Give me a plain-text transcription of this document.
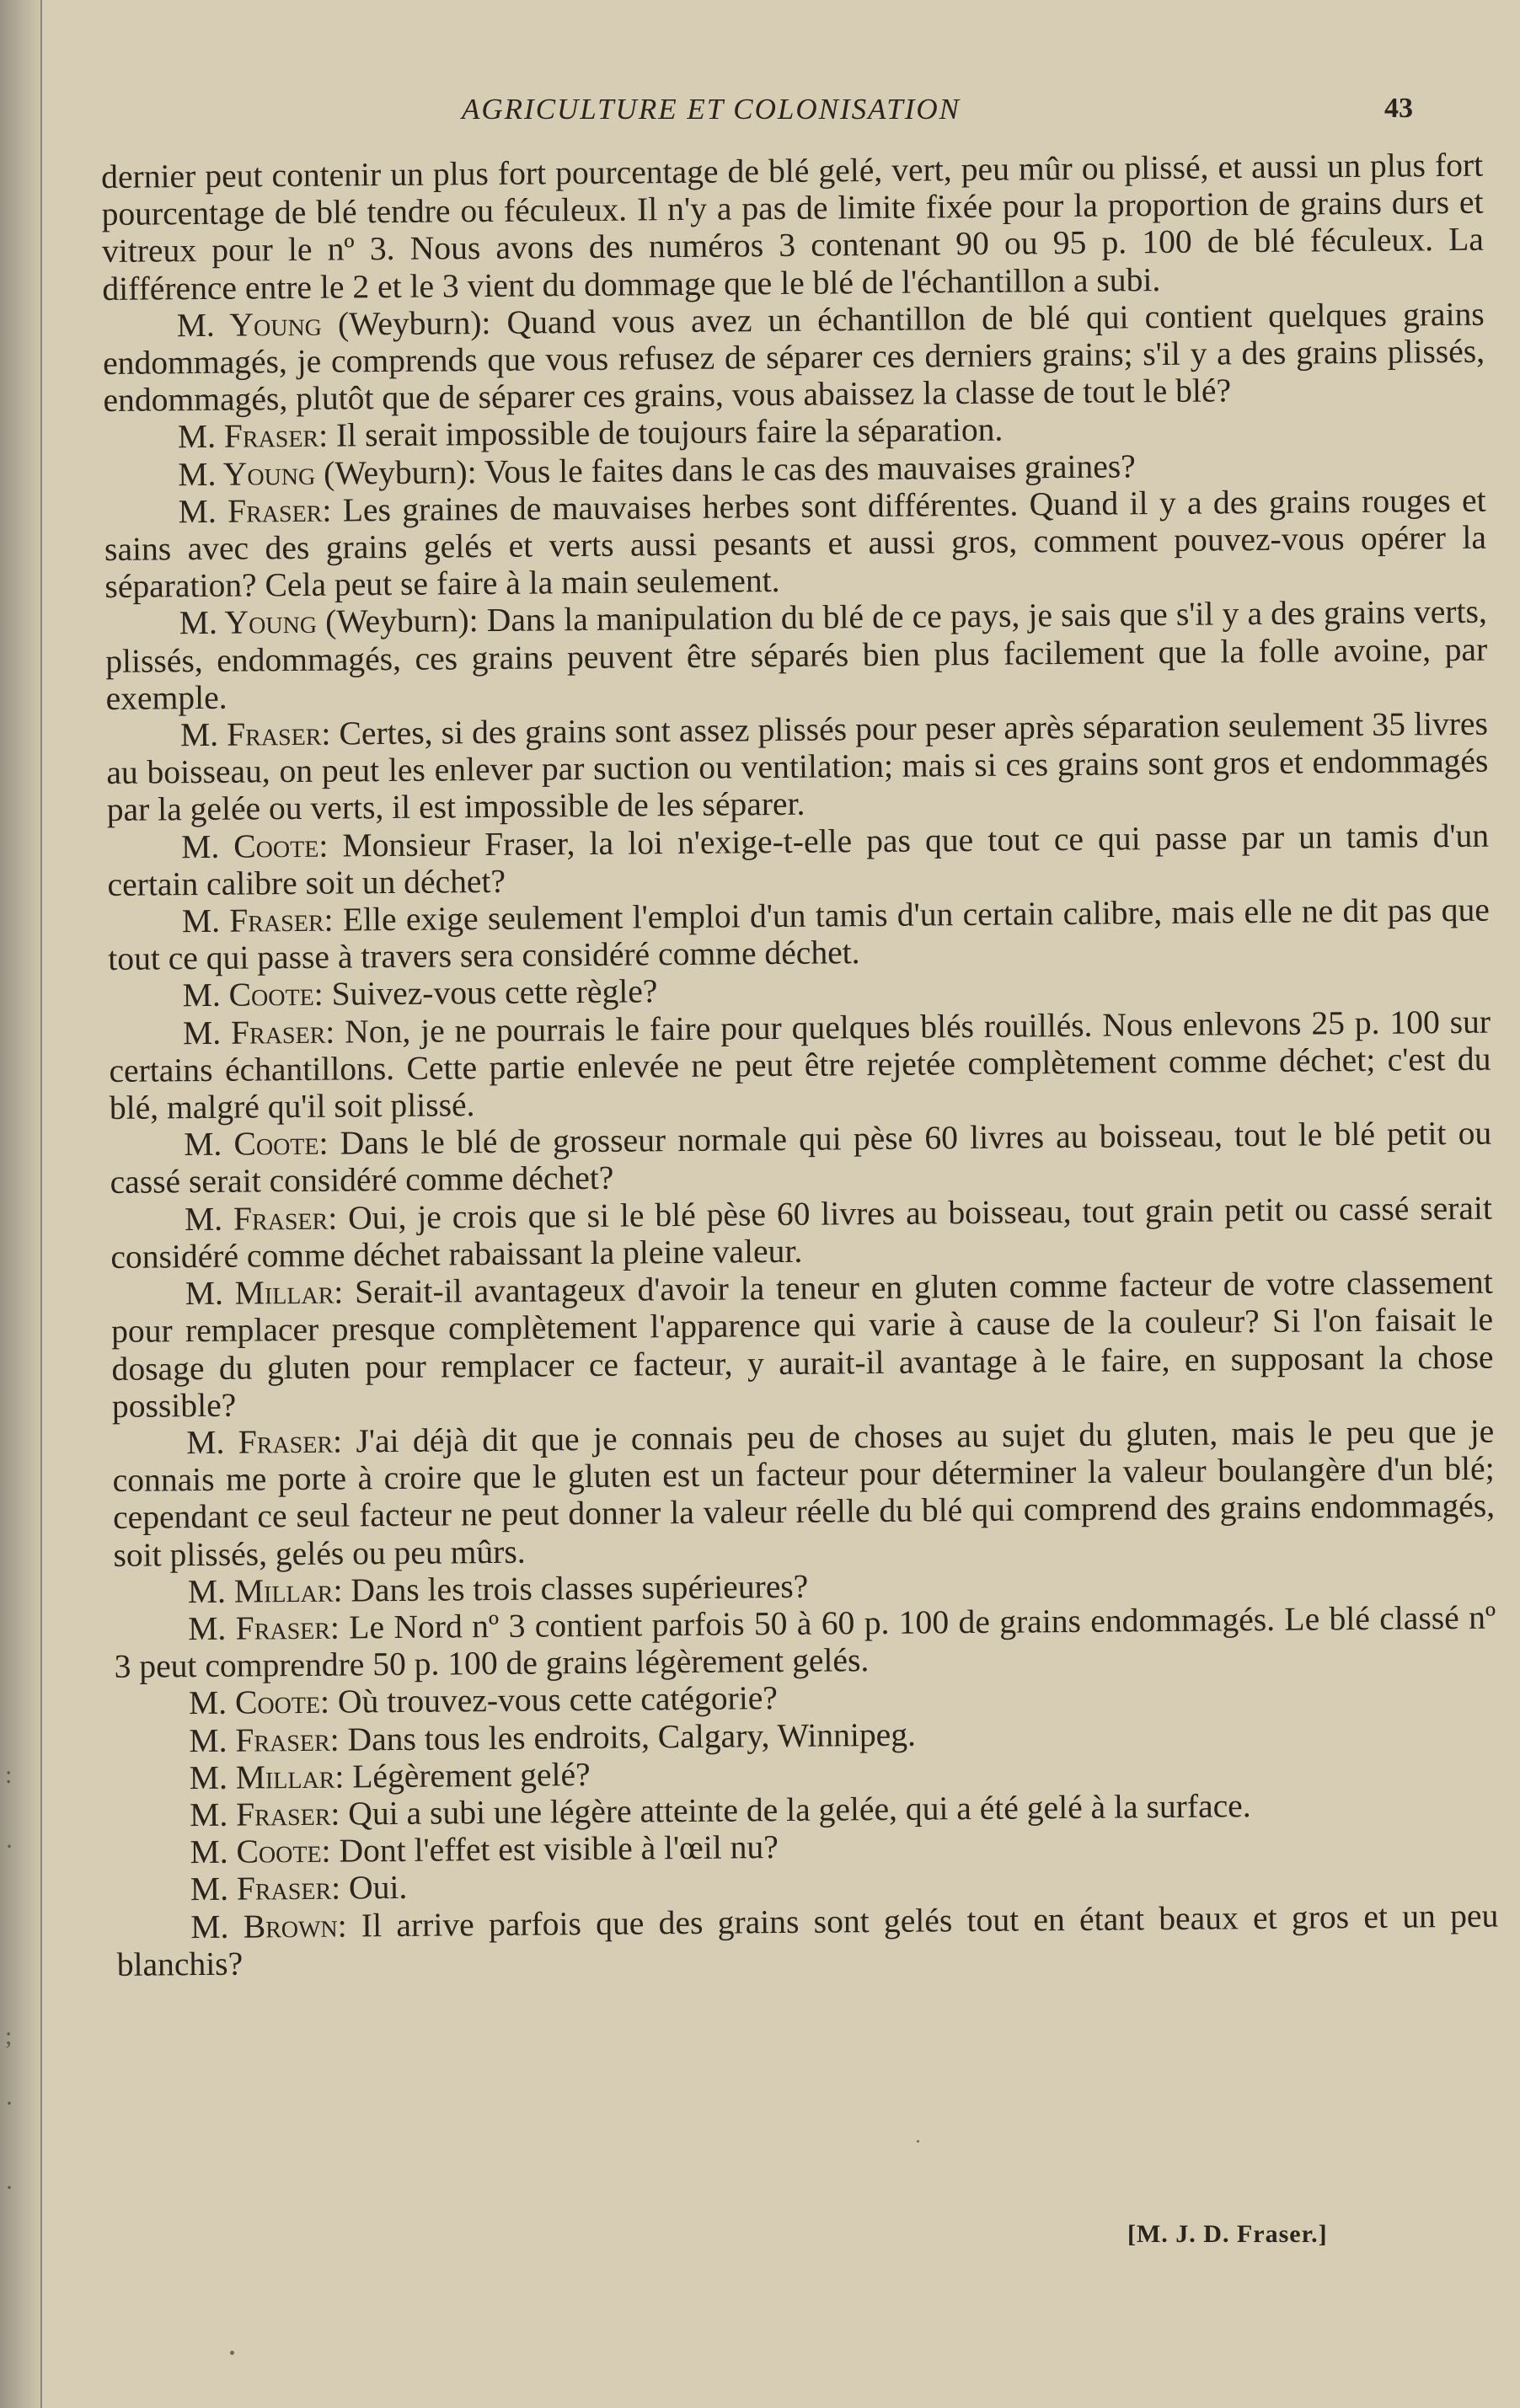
:
·
;
·
·
AGRICULTURE ET COLONISATION	43

dernier peut contenir un plus fort pourcentage de blé gelé, vert, peu mûr ou plissé, et aussi un plus fort pourcentage de blé tendre ou féculeux. Il n'y a pas de limite fixée pour la proportion de grains durs et vitreux pour le nº 3. Nous avons des numéros 3 contenant 90 ou 95 p. 100 de blé féculeux. La différence entre le 2 et le 3 vient du dommage que le blé de l'échantillon a subi.

M. Young (Weyburn): Quand vous avez un échantillon de blé qui contient quelques grains endommagés, je comprends que vous refusez de séparer ces derniers grains; s'il y a des grains plissés, endommagés, plutôt que de séparer ces grains, vous abaissez la classe de tout le blé?

M. Fraser: Il serait impossible de toujours faire la séparation.

M. Young (Weyburn): Vous le faites dans le cas des mauvaises graines?

M. Fraser: Les graines de mauvaises herbes sont différentes. Quand il y a des grains rouges et sains avec des grains gelés et verts aussi pesants et aussi gros, comment pouvez-vous opérer la séparation? Cela peut se faire à la main seulement.

M. Young (Weyburn): Dans la manipulation du blé de ce pays, je sais que s'il y a des grains verts, plissés, endommagés, ces grains peuvent être séparés bien plus facilement que la folle avoine, par exemple.

M. Fraser: Certes, si des grains sont assez plissés pour peser après séparation seulement 35 livres au boisseau, on peut les enlever par suction ou ventilation; mais si ces grains sont gros et endommagés par la gelée ou verts, il est impossible de les séparer.

M. Coote: Monsieur Fraser, la loi n'exige-t-elle pas que tout ce qui passe par un tamis d'un certain calibre soit un déchet?

M. Fraser: Elle exige seulement l'emploi d'un tamis d'un certain calibre, mais elle ne dit pas que tout ce qui passe à travers sera considéré comme déchet.

M. Coote: Suivez-vous cette règle?

M. Fraser: Non, je ne pourrais le faire pour quelques blés rouillés. Nous enlevons 25 p. 100 sur certains échantillons. Cette partie enlevée ne peut être rejetée complètement comme déchet; c'est du blé, malgré qu'il soit plissé.

M. Coote: Dans le blé de grosseur normale qui pèse 60 livres au boisseau, tout le blé petit ou cassé serait considéré comme déchet?

M. Fraser: Oui, je crois que si le blé pèse 60 livres au boisseau, tout grain petit ou cassé serait considéré comme déchet rabaissant la pleine valeur.

M. Millar: Serait-il avantageux d'avoir la teneur en gluten comme facteur de votre classement pour remplacer presque complètement l'apparence qui varie à cause de la couleur? Si l'on faisait le dosage du gluten pour remplacer ce facteur, y aurait-il avantage à le faire, en supposant la chose possible?

M. Fraser: J'ai déjà dit que je connais peu de choses au sujet du gluten, mais le peu que je connais me porte à croire que le gluten est un facteur pour déterminer la valeur boulangère d'un blé; cependant ce seul facteur ne peut donner la valeur réelle du blé qui comprend des grains endommagés, soit plissés, gelés ou peu mûrs.

M. Millar: Dans les trois classes supérieures?

M. Fraser: Le Nord nº 3 contient parfois 50 à 60 p. 100 de grains endommagés. Le blé classé nº 3 peut comprendre 50 p. 100 de grains légèrement gelés.

M. Coote: Où trouvez-vous cette catégorie?

M. Fraser: Dans tous les endroits, Calgary, Winnipeg.

M. Millar: Légèrement gelé?

M. Fraser: Qui a subi une légère atteinte de la gelée, qui a été gelé à la surface.

M. Coote: Dont l'effet est visible à l'œil nu?

M. Fraser: Oui.

M. Brown: Il arrive parfois que des grains sont gelés tout en étant beaux et gros et un peu blanchis?

[M. J. D. Fraser.]
